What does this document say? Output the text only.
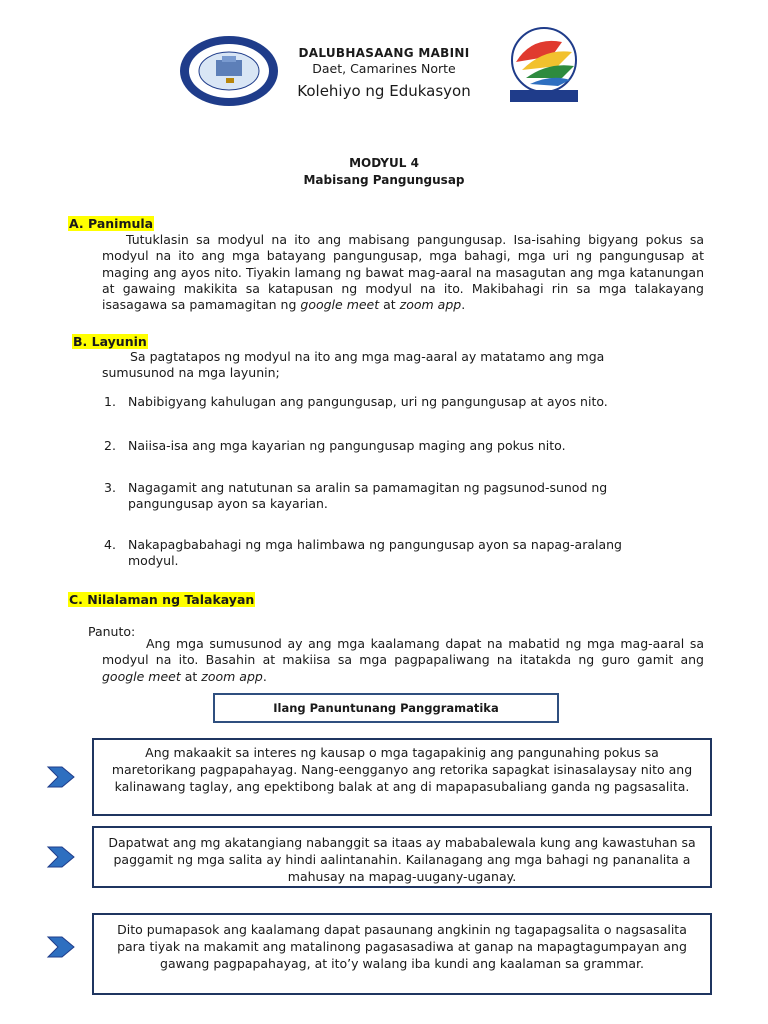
DALUBHASAANG MABINI
Daet, Camarines Norte
Kolehiyo ng Edukasyon
MODYUL 4
Mabisang Pangungusap
A. Panimula
Tutuklasin sa modyul na ito ang mabisang pangungusap. Isa-isahing bigyang pokus sa modyul na ito ang mga batayang pangungusap, mga bahagi, mga uri ng pangungusap at maging ang ayos nito. Tiyakin lamang ng bawat mag-aaral na masagutan ang mga katanungan at gawaing makikita sa katapusan ng modyul na ito. Makibahagi rin sa mga talakayang isasagawa sa pamamagitan ng google meet at zoom app.
B. Layunin
Sa pagtatapos ng modyul na ito ang mga mag-aaral ay matatamo ang mga sumusunod na mga layunin;
1. Nabibigyang kahulugan ang pangungusap, uri ng pangungusap at ayos nito.
2. Naiisa-isa ang mga kayarian ng pangungusap maging ang pokus nito.
3. Nagagamit ang natutunan sa aralin sa pamamagitan ng pagsunod-sunod ng pangungusap ayon sa kayarian.
4. Nakapagbabahagi ng mga halimbawa ng pangungusap ayon sa napag-aralang modyul.
C. Nilalaman ng Talakayan
Panuto:
Ang mga sumusunod ay ang mga kaalamang dapat na mabatid ng mga mag-aaral sa modyul na ito. Basahin at makiisa sa mga pagpapaliwang na itatakda ng guro gamit ang google meet at zoom app.
Ilang Panuntunang Panggramatika
Ang makaakit sa interes ng kausap o mga tagapakinig ang pangunahing pokus sa maretorikang pagpapahayag. Nang-eengganyo ang retorika sapagkat isinasalaysay nito ang kalinawang taglay, ang epektibong balak at ang di mapapasubaliang ganda ng pagsasalita.
Dapatwat ang mg akatangiang nabanggit sa itaas ay mababalewala kung ang kawastuhan sa paggamit ng mga salita ay hindi aalintanahin. Kailanagang ang mga bahagi ng pananalita a mahusay na mapag-uugany-uganay.
Dito pumapasok ang kaalamang dapat pasaunang angkinin ng tagapagsalita o nagsasalita para tiyak na makamit ang matalinong pagasasadiwa at ganap na mapagtagumpayan ang gawang pagpapahayag, at ito’y walang iba kundi ang kaalaman sa grammar.
